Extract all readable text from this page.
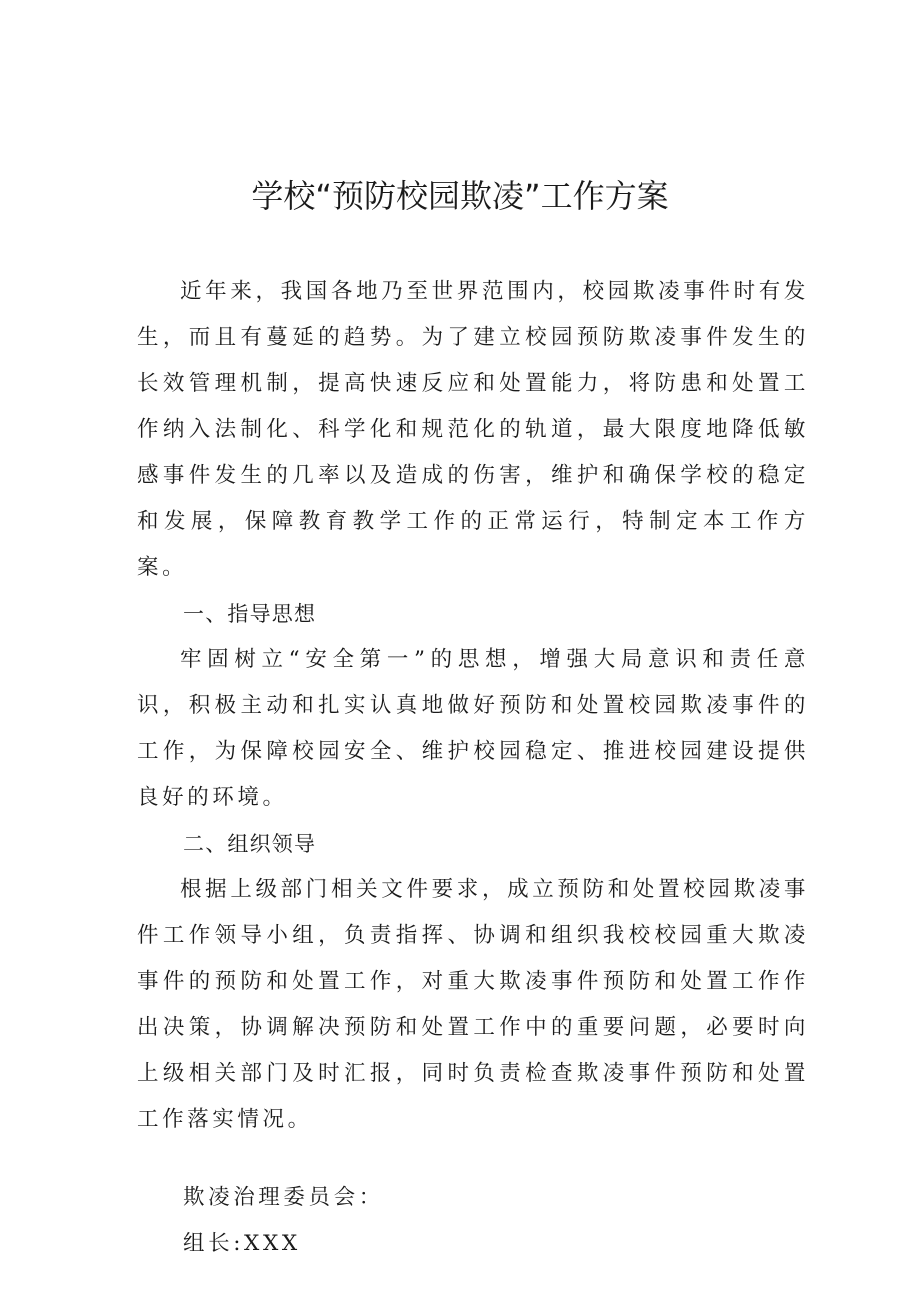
学校“预防校园欺凌”工作方案

近年来，我国各地乃至世界范围内，校园欺凌事件时有发生，而且有蔓延的趋势。为了建立校园预防欺凌事件发生的长效管理机制，提高快速反应和处置能力，将防患和处置工作纳入法制化、科学化和规范化的轨道，最大限度地降低敏感事件发生的几率以及造成的伤害，维护和确保学校的稳定和发展，保障教育教学工作的正常运行，特制定本工作方案。

一、指导思想

牢固树立“安全第一”的思想，增强大局意识和责任意识，积极主动和扎实认真地做好预防和处置校园欺凌事件的工作，为保障校园安全、维护校园稳定、推进校园建设提供良好的环境。

二、组织领导

根据上级部门相关文件要求，成立预防和处置校园欺凌事件工作领导小组，负责指挥、协调和组织我校校园重大欺凌事件的预防和处置工作，对重大欺凌事件预防和处置工作作出决策，协调解决预防和处置工作中的重要问题，必要时向上级相关部门及时汇报，同时负责检查欺凌事件预防和处置工作落实情况。

欺凌治理委员会：

组长:XXX
